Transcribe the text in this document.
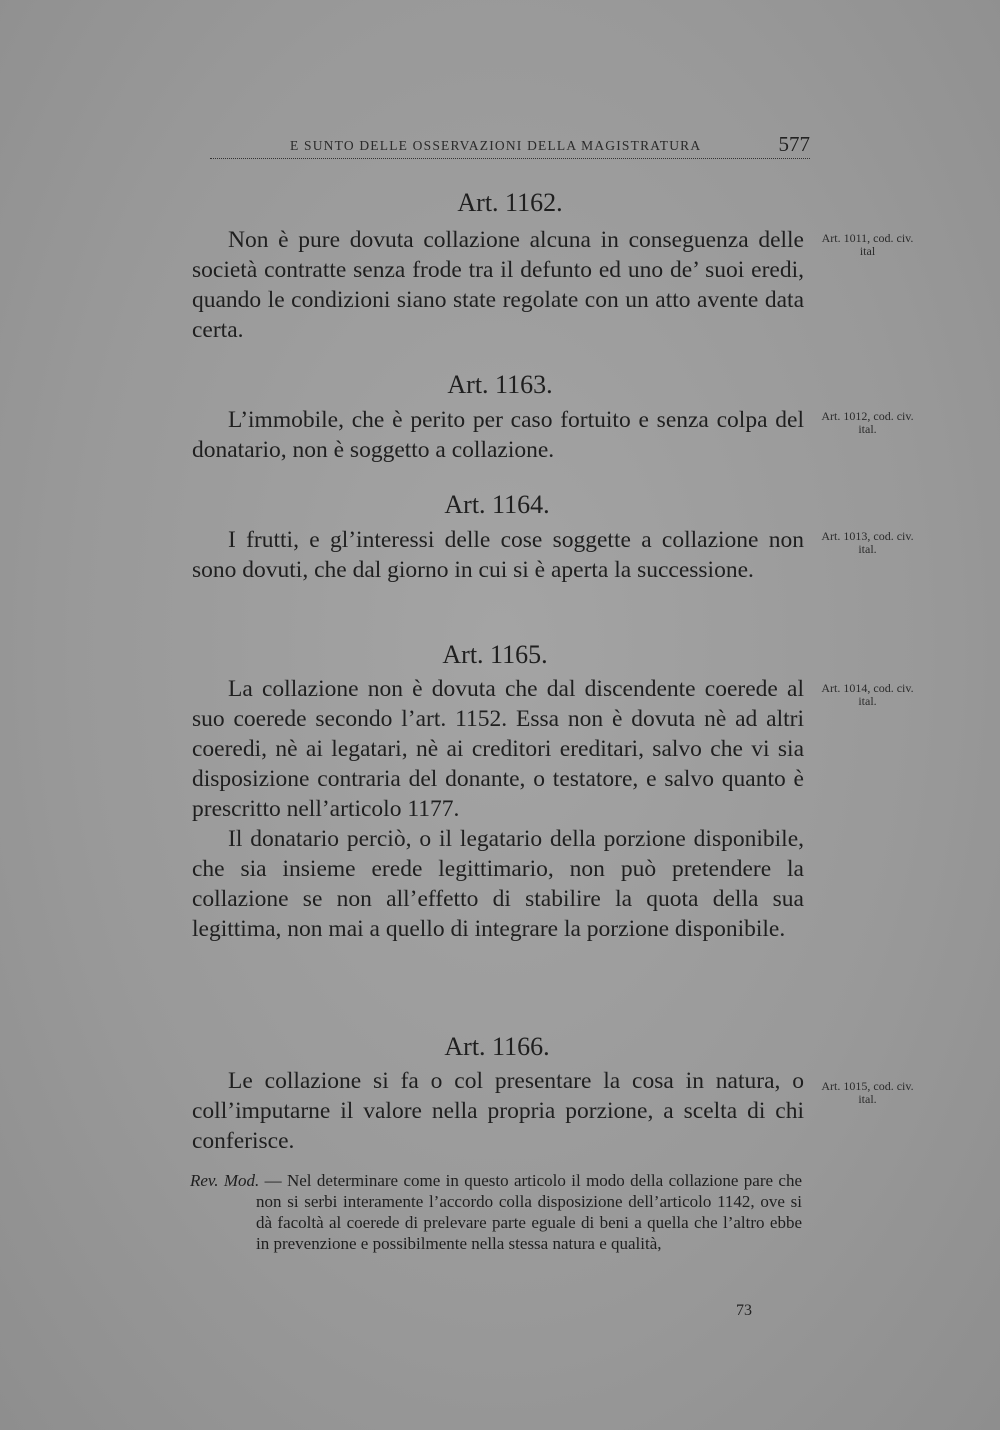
E SUNTO DELLE OSSERVAZIONI DELLA MAGISTRATURA	577
Art. 1162.

Non è pure dovuta collazione alcuna in conseguenza delle società contratte senza frode tra il defunto ed uno de’ suoi eredi, quando le condizioni siano state regolate con un atto avente data certa.

Art. 1011, cod. civ. ital
Art. 1163.

L’immobile, che è perito per caso fortuito e senza colpa del donatario, non è soggetto a collazione.

Art. 1012, cod. civ. ital.
Art. 1164.

I frutti, e gl’interessi delle cose soggette a collazione non sono dovuti, che dal giorno in cui si è aperta la successione.

Art. 1013, cod. civ. ital.
Art. 1165.

La collazione non è dovuta che dal discendente coerede al suo coerede secondo l’art. 1152. Essa non è dovuta nè ad altri coeredi, nè ai legatari, nè ai creditori ereditari, salvo che vi sia disposizione contraria del donante, o testatore, e salvo quanto è prescritto nell’articolo 1177.

Il donatario perciò, o il legatario della porzione disponibile, che sia insieme erede legittimario, non può pretendere la collazione se non all’effetto di stabilire la quota della sua legittima, non mai a quello di integrare la porzione disponibile.

Art. 1014, cod. civ. ital.
Art. 1166.

Le collazione si fa o col presentare la cosa in natura, o coll’imputarne il valore nella propria porzione, a scelta di chi conferisce.

Art. 1015, cod. civ. ital.

Rev. Mod. — Nel determinare come in questo articolo il modo della collazione pare che non si serbi interamente l’accordo colla disposizione dell’articolo 1142, ove si dà facoltà al coerede di prelevare parte eguale di beni a quella che l’altro ebbe in prevenzione e possibilmente nella stessa natura e qualità,

73
